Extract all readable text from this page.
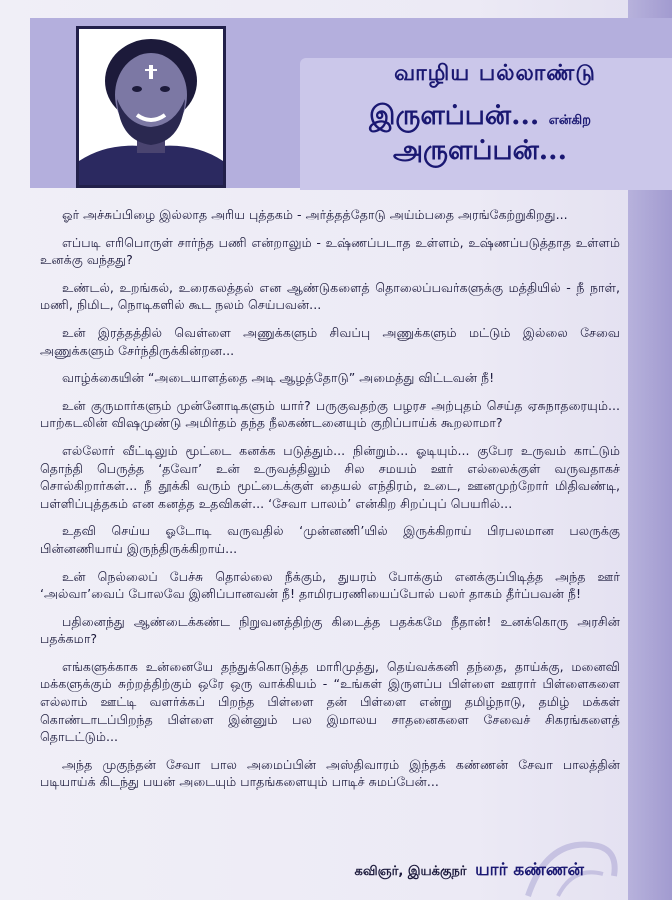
வாழிய பல்லாண்டு
இருளப்பன்... என்கிற அருளப்பன்...

ஓர் அச்சுப்பிழை இல்லாத அரிய புத்தகம் - அர்த்தத்தோடு அய்ம்பதை அரங்கேற்றுகிறது...

எப்படி எரிபொருள் சார்ந்த பணி என்றாலும் - உஷ்ணப்படாத உள்ளம், உஷ்ணப்படுத்தாத உள்ளம் உனக்கு வந்தது?

உண்டல், உறங்கல், உரைகலத்தல் என ஆண்டுகளைத் தொலைப்பவர்களுக்கு மத்தியில் - நீ நாள், மணி, நிமிட, நொடிகளில் கூட நலம் செய்பவன்...

உன் இரத்தத்தில் வெள்ளை அணுக்களும் சிவப்பு அணுக்களும் மட்டும் இல்லை சேவை அணுக்களும் சேர்ந்திருக்கின்றன...

வாழ்க்கையின் “அடையாளத்தை அடி ஆழத்தோடு” அமைத்து விட்டவன் நீ!

உன் குருமார்களும் முன்னோடிகளும் யார்? பருகுவதற்கு பழரச அற்புதம் செய்த ஏசுநாதரையும்... பாற்கடலின் விஷமுண்டு அமிர்தம் தந்த நீலகண்டனையும் குறிப்பாய்க் கூறலாமா?

எல்லோர் வீட்டிலும் மூட்டை கனக்க படுத்தும்... நின்றும்... ஓடியும்... குபேர உருவம் காட்டும் தொந்தி பெருத்த ‘தவோ’ உன் உருவத்திலும் சில சமயம் ஊர் எல்லைக்குள் வருவதாகச் சொல்கிறார்கள்... நீ தூக்கி வரும் மூட்டைக்குள் தையல் எந்திரம், உடை, ஊனமுற்றோர் மிதிவண்டி, பள்ளிப்புத்தகம் என கனத்த உதவிகள்... ‘சேவா பாலம்’ என்கிற சிறப்புப் பெயரில்...

உதவி செய்ய ஓடோடி வருவதில் ‘முன்னணி’யில் இருக்கிறாய் பிரபலமான பலருக்கு பின்னணியாய் இருந்திருக்கிறாய்...

உன் நெல்லைப் பேச்சு தொல்லை நீக்கும், துயரம் போக்கும் எனக்குப்பிடித்த அந்த ஊர் ‘அல்வா’வைப் போலவே இனிப்பானவன் நீ! தாமிரபரணியைப்போல் பலர் தாகம் தீர்ப்பவன் நீ!

பதினைந்து ஆண்டைக்கண்ட நிறுவனத்திற்கு கிடைத்த பதக்கமே நீதான்! உனக்கொரு அரசின் பதக்கமா?

எங்களுக்காக உன்னையே தந்துக்கொடுத்த மாரிமுத்து, தெய்வக்கனி தந்தை, தாய்க்கு, மனைவி மக்களுக்கும் சுற்றத்திற்கும் ஒரே ஒரு வாக்கியம் - “உங்கள் இருளப்ப பிள்ளை ஊரார் பிள்ளைகளை எல்லாம் ஊட்டி வளர்க்கப் பிறந்த பிள்ளை தன் பிள்ளை என்று தமிழ்நாடு, தமிழ் மக்கள் கொண்டாடப்பிறந்த பிள்ளை இன்னும் பல இமாலய சாதனைகளை சேவைச் சிகரங்களைத் தொடட்டும்...

அந்த முகுந்தன் சேவா பால அமைப்பின் அஸ்திவாரம் இந்தக் கண்ணன் சேவா பாலத்தின் படியாய்க் கிடந்து பயன் அடையும் பாதங்களையும் பாடிச் சுமப்பேன்...

கவிஞர், இயக்குநர் யார் கண்ணன்
